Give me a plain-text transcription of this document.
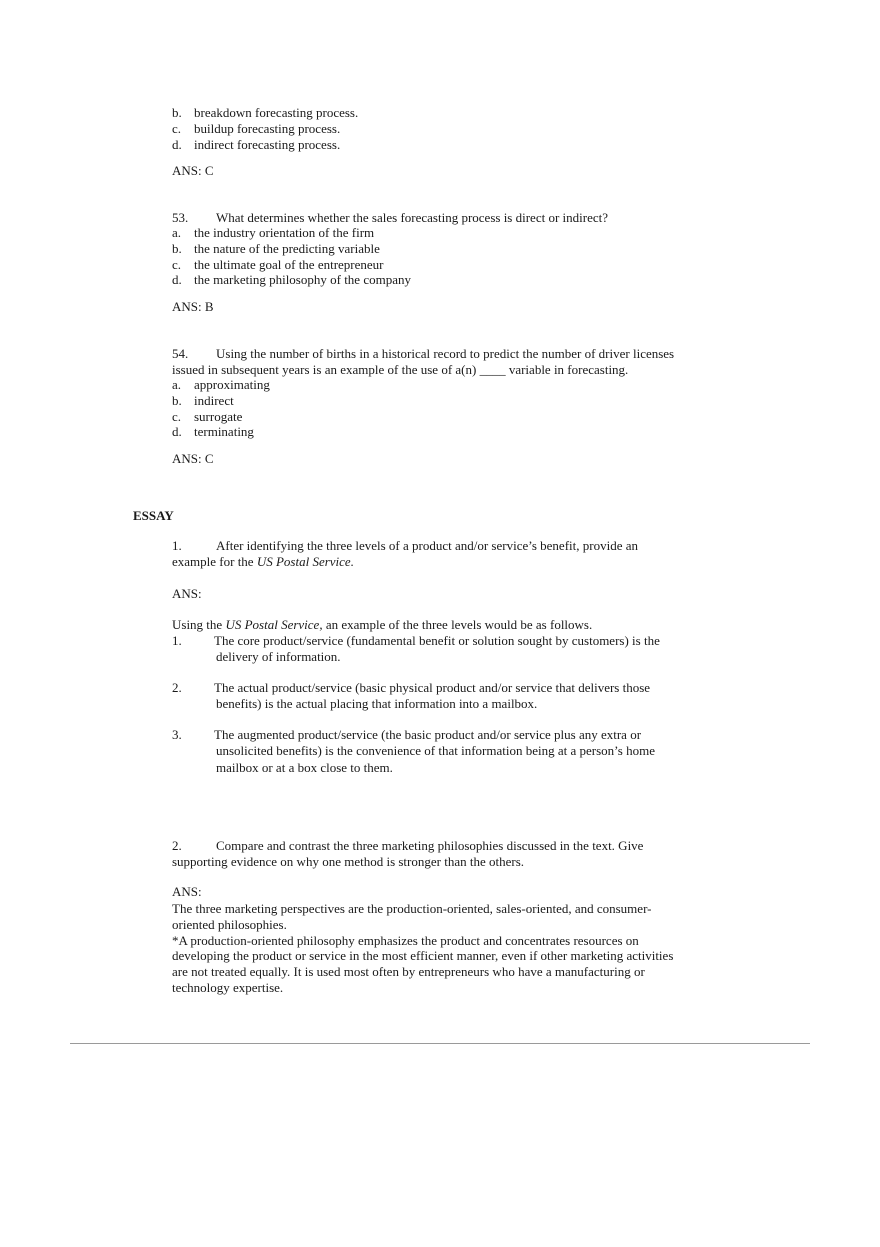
b. breakdown forecasting process.
c. buildup forecasting process.
d. indirect forecasting process.
ANS: C
53. What determines whether the sales forecasting process is direct or indirect?
a. the industry orientation of the firm
b. the nature of the predicting variable
c. the ultimate goal of the entrepreneur
d. the marketing philosophy of the company
ANS: B
54. Using the number of births in a historical record to predict the number of driver licenses
issued in subsequent years is an example of the use of a(n) ____ variable in forecasting.
a. approximating
b. indirect
c. surrogate
d. terminating
ANS: C
ESSAY
1.	After identifying the three levels of a product and/or service’s benefit, provide an
example for the US Postal Service.
ANS:
Using the US Postal Service, an example of the three levels would be as follows.
1. The core product/service (fundamental benefit or solution sought by customers) is the
delivery of information.
2. The actual product/service (basic physical product and/or service that delivers those
benefits) is the actual placing that information into a mailbox.
3. The augmented product/service (the basic product and/or service plus any extra or
unsolicited benefits) is the convenience of that information being at a person’s home
mailbox or at a box close to them.
2.	Compare and contrast the three marketing philosophies discussed in the text. Give
supporting evidence on why one method is stronger than the others.
ANS:
The three marketing perspectives are the production-oriented, sales-oriented, and consumer-
oriented philosophies.
*A production-oriented philosophy emphasizes the product and concentrates resources on
developing the product or service in the most efficient manner, even if other marketing activities
are not treated equally. It is used most often by entrepreneurs who have a manufacturing or
technology expertise.
